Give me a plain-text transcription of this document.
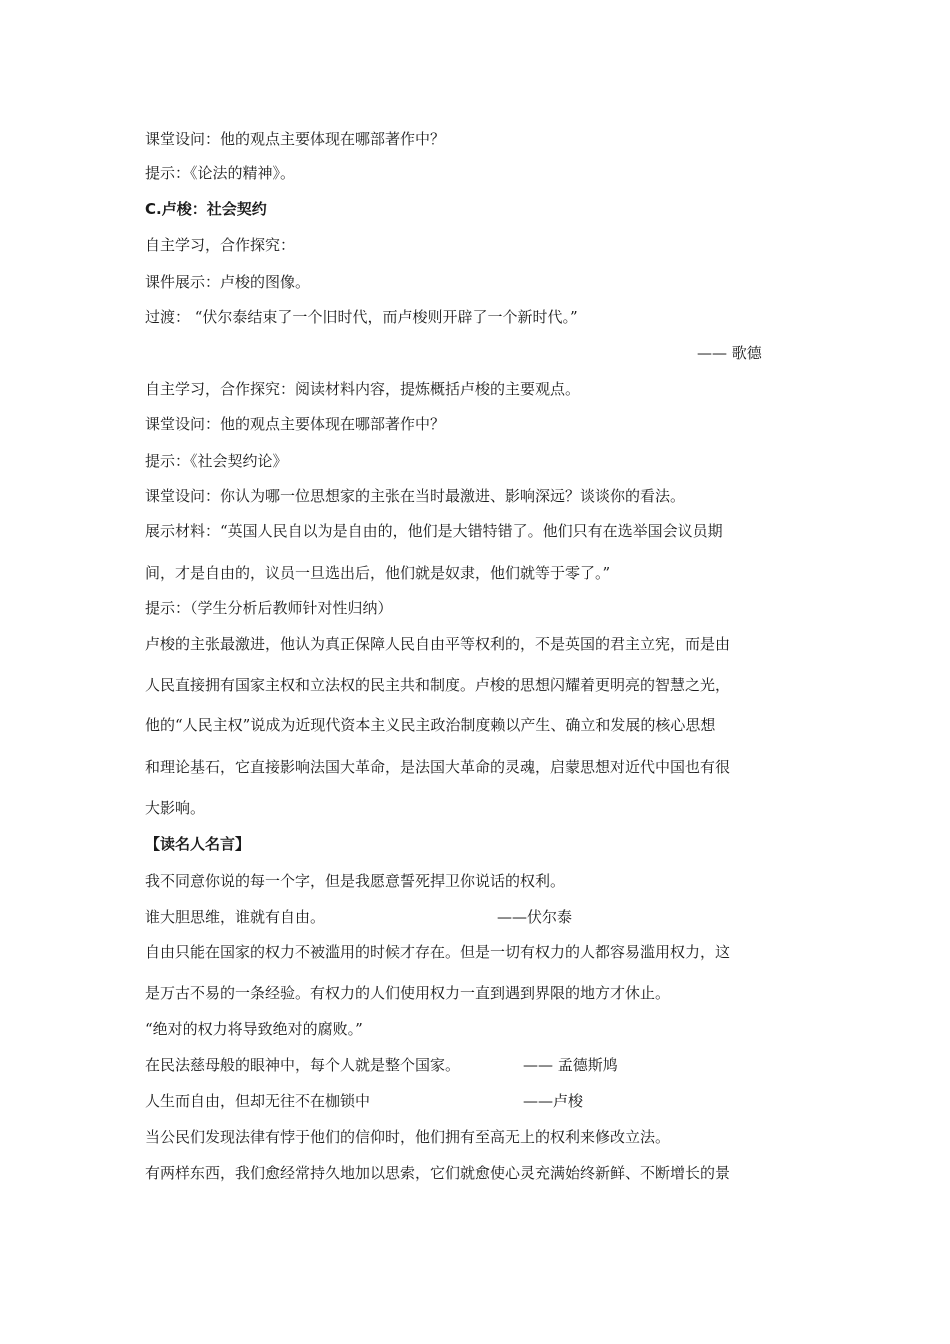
课堂设问：他的观点主要体现在哪部著作中？
提示：《论法的精神》。
C.卢梭：社会契约
自主学习，合作探究：
课件展示：卢梭的图像。
过渡： “伏尔泰结束了一个旧时代，而卢梭则开辟了一个新时代。”
—— 歌德
自主学习，合作探究：阅读材料内容，提炼概括卢梭的主要观点。
课堂设问：他的观点主要体现在哪部著作中？
提示：《社会契约论》
课堂设问：你认为哪一位思想家的主张在当时最激进、影响深远？谈谈你的看法。
展示材料：“英国人民自以为是自由的，他们是大错特错了。他们只有在选举国会议员期
间，才是自由的，议员一旦选出后，他们就是奴隶，他们就等于零了。”
提示：（学生分析后教师针对性归纳）
卢梭的主张最激进，他认为真正保障人民自由平等权利的，不是英国的君主立宪，而是由
人民直接拥有国家主权和立法权的民主共和制度。卢梭的思想闪耀着更明亮的智慧之光，
他的“人民主权”说成为近现代资本主义民主政治制度赖以产生、确立和发展的核心思想
和理论基石，它直接影响法国大革命，是法国大革命的灵魂，启蒙思想对近代中国也有很
大影响。
【读名人名言】
我不同意你说的每一个字，但是我愿意誓死捍卫你说话的权利。
谁大胆思维，谁就有自由。	——伏尔泰
自由只能在国家的权力不被滥用的时候才存在。但是一切有权力的人都容易滥用权力，这
是万古不易的一条经验。有权力的人们使用权力一直到遇到界限的地方才休止。
“绝对的权力将导致绝对的腐败。”
在民法慈母般的眼神中，每个人就是整个国家。	—— 孟德斯鸠
人生而自由，但却无往不在枷锁中	——卢梭
当公民们发现法律有悖于他们的信仰时，他们拥有至高无上的权利来修改立法。
有两样东西，我们愈经常持久地加以思索，它们就愈使心灵充满始终新鲜、不断增长的景
